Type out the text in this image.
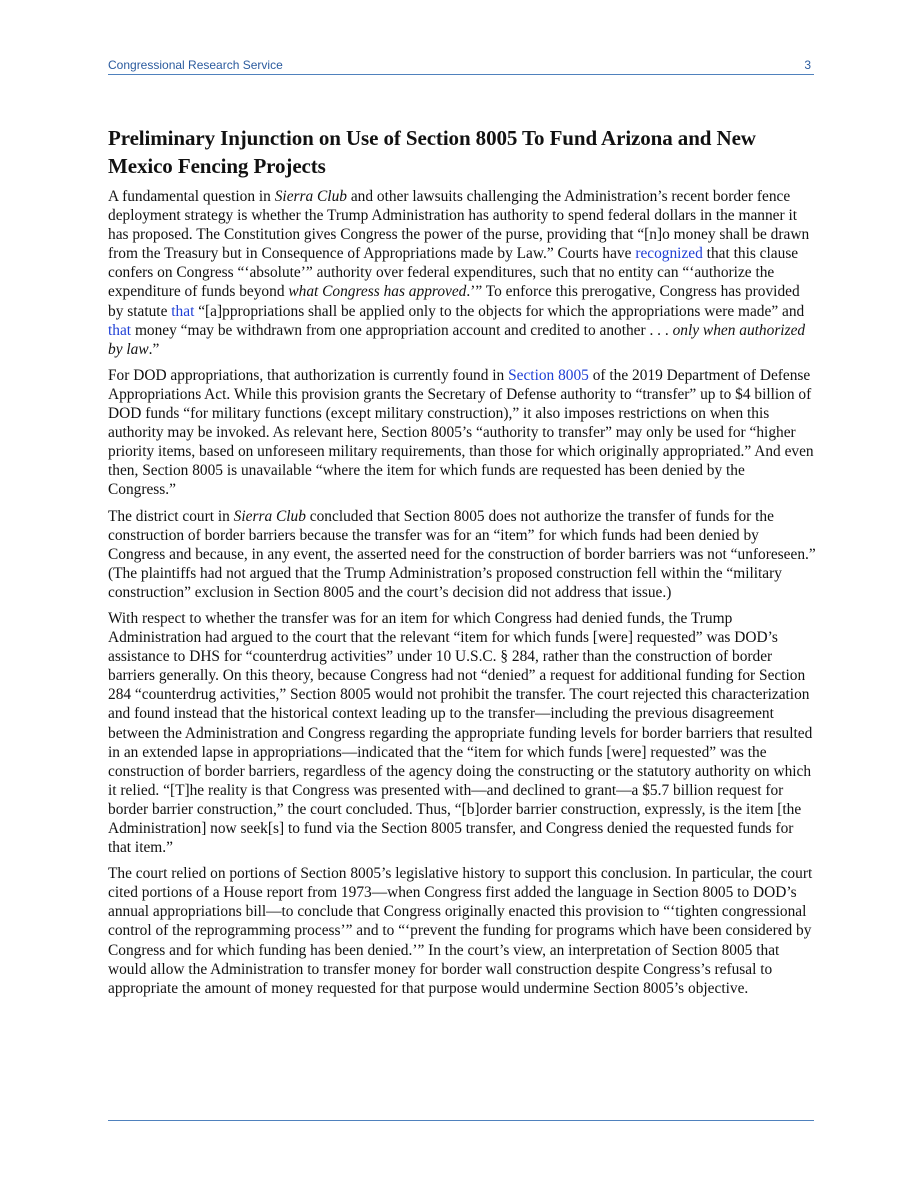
Congressional Research Service	3
Preliminary Injunction on Use of Section 8005 To Fund Arizona and New Mexico Fencing Projects

A fundamental question in Sierra Club and other lawsuits challenging the Administration’s recent border fence deployment strategy is whether the Trump Administration has authority to spend federal dollars in the manner it has proposed. The Constitution gives Congress the power of the purse, providing that “[n]o money shall be drawn from the Treasury but in Consequence of Appropriations made by Law.” Courts have recognized that this clause confers on Congress “‘absolute’” authority over federal expenditures, such that no entity can “‘authorize the expenditure of funds beyond what Congress has approved.’” To enforce this prerogative, Congress has provided by statute that “[a]ppropriations shall be applied only to the objects for which the appropriations were made” and that money “may be withdrawn from one appropriation account and credited to another . . . only when authorized by law.”

For DOD appropriations, that authorization is currently found in Section 8005 of the 2019 Department of Defense Appropriations Act. While this provision grants the Secretary of Defense authority to “transfer” up to $4 billion of DOD funds “for military functions (except military construction),” it also imposes restrictions on when this authority may be invoked. As relevant here, Section 8005’s “authority to transfer” may only be used for “higher priority items, based on unforeseen military requirements, than those for which originally appropriated.” And even then, Section 8005 is unavailable “where the item for which funds are requested has been denied by the Congress.”

The district court in Sierra Club concluded that Section 8005 does not authorize the transfer of funds for the construction of border barriers because the transfer was for an “item” for which funds had been denied by Congress and because, in any event, the asserted need for the construction of border barriers was not “unforeseen.” (The plaintiffs had not argued that the Trump Administration’s proposed construction fell within the “military construction” exclusion in Section 8005 and the court’s decision did not address that issue.)

With respect to whether the transfer was for an item for which Congress had denied funds, the Trump Administration had argued to the court that the relevant “item for which funds [were] requested” was DOD’s assistance to DHS for “counterdrug activities” under 10 U.S.C. § 284, rather than the construction of border barriers generally. On this theory, because Congress had not “denied” a request for additional funding for Section 284 “counterdrug activities,” Section 8005 would not prohibit the transfer. The court rejected this characterization and found instead that the historical context leading up to the transfer—including the previous disagreement between the Administration and Congress regarding the appropriate funding levels for border barriers that resulted in an extended lapse in appropriations—indicated that the “item for which funds [were] requested” was the construction of border barriers, regardless of the agency doing the constructing or the statutory authority on which it relied. “[T]he reality is that Congress was presented with—and declined to grant—a $5.7 billion request for border barrier construction,” the court concluded. Thus, “[b]order barrier construction, expressly, is the item [the Administration] now seek[s] to fund via the Section 8005 transfer, and Congress denied the requested funds for that item.”

The court relied on portions of Section 8005’s legislative history to support this conclusion. In particular, the court cited portions of a House report from 1973—when Congress first added the language in Section 8005 to DOD’s annual appropriations bill—to conclude that Congress originally enacted this provision to “‘tighten congressional control of the reprogramming process’” and to “‘prevent the funding for programs which have been considered by Congress and for which funding has been denied.’” In the court’s view, an interpretation of Section 8005 that would allow the Administration to transfer money for border wall construction despite Congress’s refusal to appropriate the amount of money requested for that purpose would undermine Section 8005’s objective.
